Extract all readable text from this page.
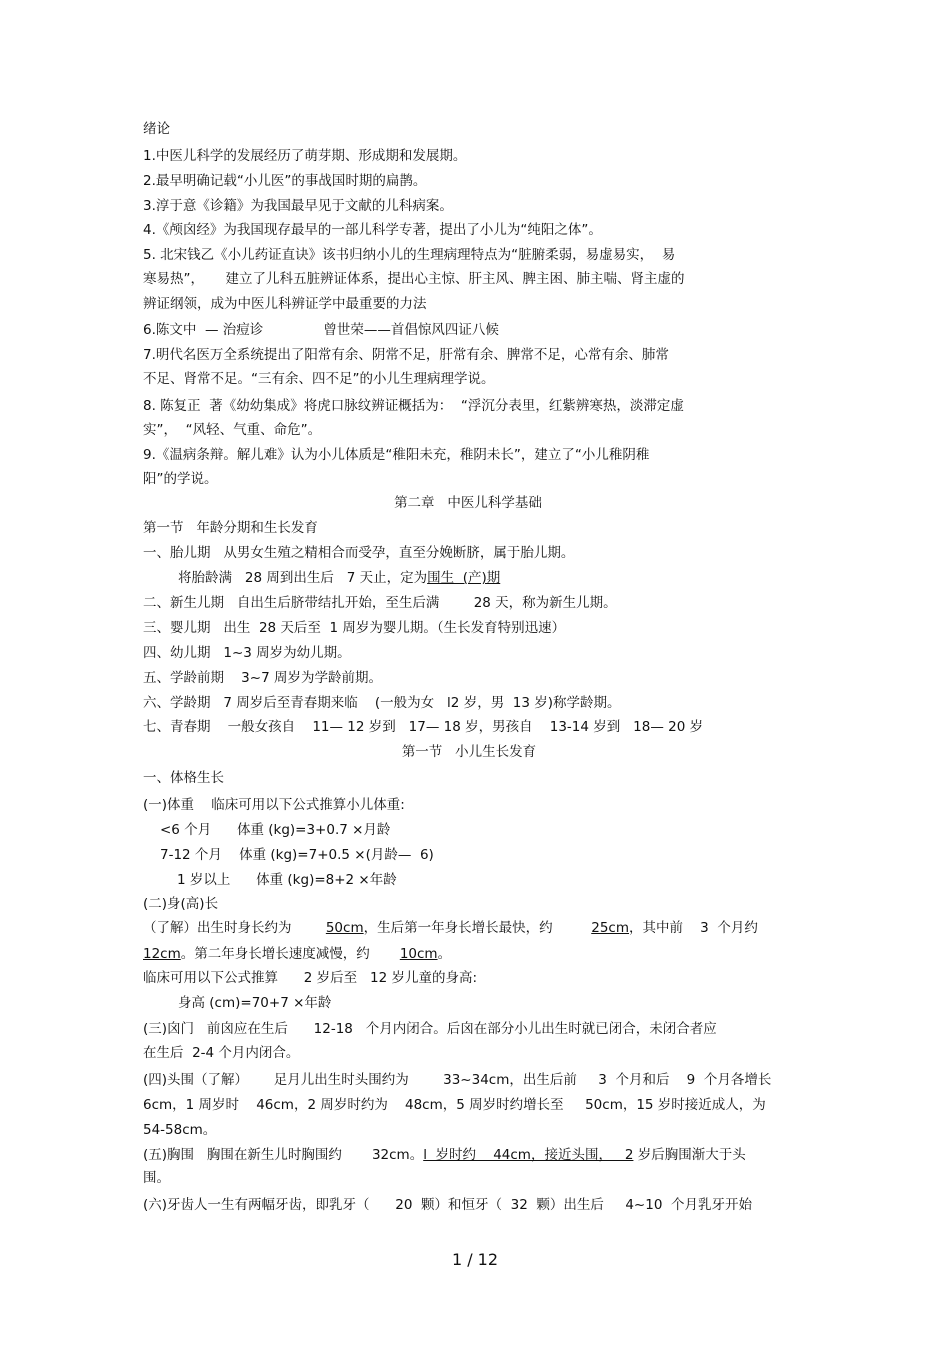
绪论

1.中医儿科学的发展经历了萌芽期、形成期和发展期。

2.最早明确记载“小儿医”的事战国时期的扁鹊。

3.淳于意《诊籍》为我国最早见于文献的儿科病案。

4.《颅囟经》为我国现存最早的一部儿科学专著，提出了小儿为“纯阳之体”。

5. 北宋钱乙《小儿药证直诀》该书归纳小儿的生理病理特点为“脏腑柔弱，易虚易实，  易

寒易热”，     建立了儿科五脏辨证体系，提出心主惊、肝主风、脾主困、肺主喘、肾主虚的

辨证纲领，成为中医儿科辨证学中最重要的力法

6.陈文中  — 治痘诊              曾世荣——首倡惊风四证八候

7.明代名医万全系统提出了阳常有余、阴常不足，肝常有余、脾常不足，心常有余、肺常

不足、肾常不足。“三有余、四不足”的小儿生理病理学说。

8. 陈复正  著《幼幼集成》将虎口脉纹辨证概括为：  “浮沉分表里，红紫辨寒热，淡滞定虚

实”，  “风轻、气重、命危”。

9.《温病条辩。解儿难》认为小儿体质是“稚阳未充，稚阴未长”，建立了“小儿稚阴稚

阳”的学说。

第二章   中医儿科学基础

第一节   年龄分期和生长发育

一、胎儿期   从男女生殖之精相合而受孕，直至分娩断脐，属于胎儿期。

将胎龄满   28 周到出生后   7 天止，定为围生  (产)期

二、新生儿期   自出生后脐带结扎开始，至生后满        28 天，称为新生儿期。

三、婴儿期   出生  28 天后至  1 周岁为婴儿期。（生长发育特别迅速）

四、幼儿期   1~3 周岁为幼儿期。

五、学龄前期    3~7 周岁为学龄前期。

六、学龄期   7 周岁后至青春期来临    (一般为女   l2 岁，男  13 岁)称学龄期。

七、青春期    一般女孩自    11— 12 岁到   17— 18 岁，男孩自    13-14 岁到   18— 20 岁

第一节   小儿生长发育

一、体格生长

(一)体重    临床可用以下公式推算小儿体重:

<6 个月      体重 (kg)=3+0.7 ×月龄

7-12 个月    体重 (kg)=7+0.5 ×(月龄—  6)

1 岁以上      体重 (kg)=8+2 ×年龄

(二)身(高)长

（了解）出生时身长约为        50cm，生后第一年身长增长最快，约         25cm，其中前    3  个月约

12cm。第二年身长增长速度减慢，约       10cm。

临床可用以下公式推算      2 岁后至   12 岁儿童的身高:

身高 (cm)=70+7 ×年龄

(三)囟门   前囟应在生后      12-18   个月内闭合。后囟在部分小儿出生时就已闭合，未闭合者应

在生后  2-4 个月内闭合。

(四)头围（了解）      足月儿出生时头围约为        33~34cm，出生后前     3  个月和后    9  个月各增长

6cm，1 周岁时    46cm，2 周岁时约为    48cm，5 周岁时约增长至     50cm，15 岁时接近成人，为

54-58cm。

(五)胸围   胸围在新生儿时胸围约       32cm。l  岁时约    44cm，接近头围，   2 岁后胸围渐大于头

围。

(六)牙齿人一生有两幅牙齿，即乳牙（      20  颗）和恒牙（  32  颗）出生后     4~10  个月乳牙开始

1 / 12
